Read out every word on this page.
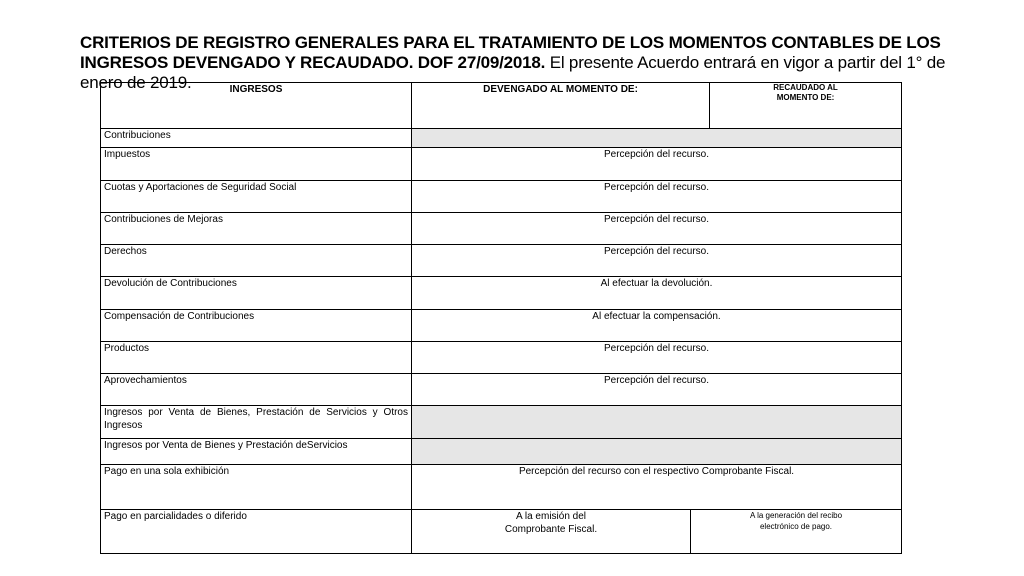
CRITERIOS DE REGISTRO GENERALES PARA EL TRATAMIENTO DE LOS MOMENTOS CONTABLES DE LOS INGRESOS DEVENGADO Y RECAUDADO. DOF 27/09/2018. El presente Acuerdo entrará en vigor a partir del 1° de enero de 2019.	INGRESOS	DEVENGADO AL MOMENTO DE:		RECAUDADO AL MOMENTO DE:
Contribuciones			
Impuestos	Percepción del recurso.		
Cuotas y Aportaciones de Seguridad Social	Percepción del recurso.		
Contribuciones de Mejoras	Percepción del recurso.		
Derechos	Percepción del recurso.		
Devolución de Contribuciones	Al efectuar la devolución.		
Compensación de Contribuciones	Al efectuar la compensación.		
Productos	Percepción del recurso.		
Aprovechamientos	Percepción del recurso.		
Ingresos por Venta de Bienes, Prestación de Servicios y Otros Ingresos			
Ingresos por Venta de Bienes y Prestación deServicios			
Pago en una sola exhibición	Percepción del recurso con el respectivo Comprobante Fiscal.		
Pago en parcialidades o diferido	A la emisión del Comprobante Fiscal.	A la generación del recibo electrónico de pago.	
